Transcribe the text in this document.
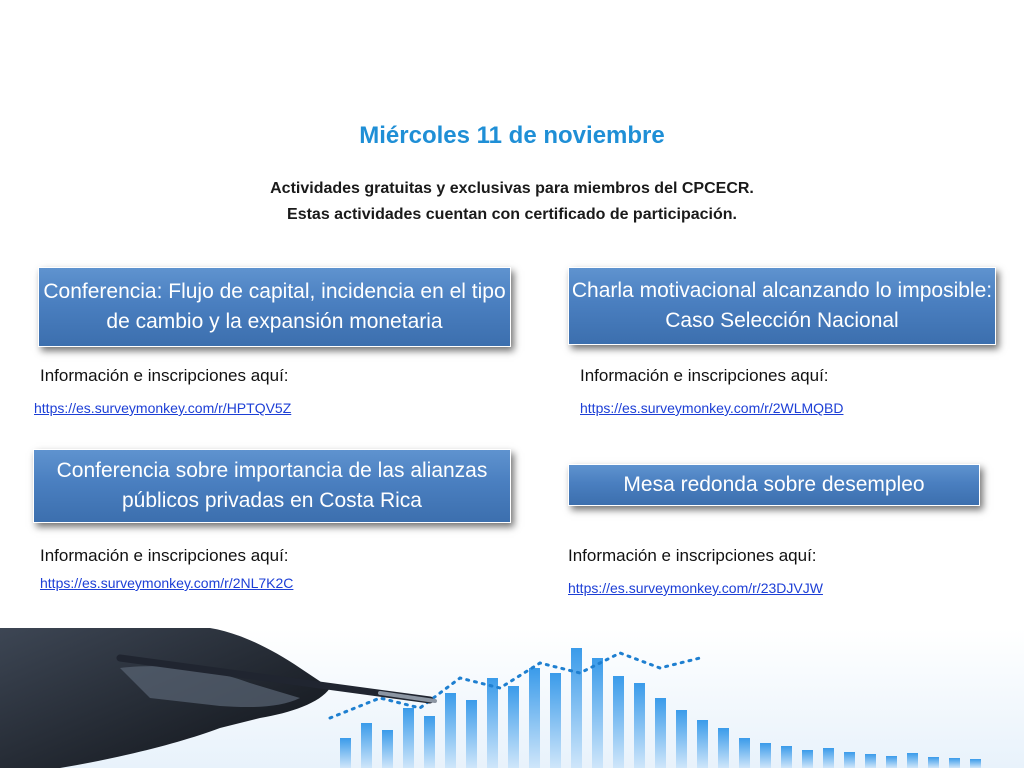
Miércoles 11 de noviembre
Actividades gratuitas y exclusivas para miembros del CPCECR.
Estas actividades cuentan con certificado de participación.
Conferencia: Flujo de capital, incidencia en el tipo de cambio y la expansión monetaria
Información e inscripciones aquí:
https://es.surveymonkey.com/r/HPTQV5Z
Charla motivacional alcanzando lo imposible: Caso Selección Nacional
Información e inscripciones aquí:
https://es.surveymonkey.com/r/2WLMQBD
Conferencia sobre importancia de las alianzas públicos privadas en Costa Rica
Información e inscripciones aquí:
https://es.surveymonkey.com/r/2NL7K2C
Mesa redonda sobre desempleo
Información e inscripciones aquí:
https://es.surveymonkey.com/r/23DJVJW
